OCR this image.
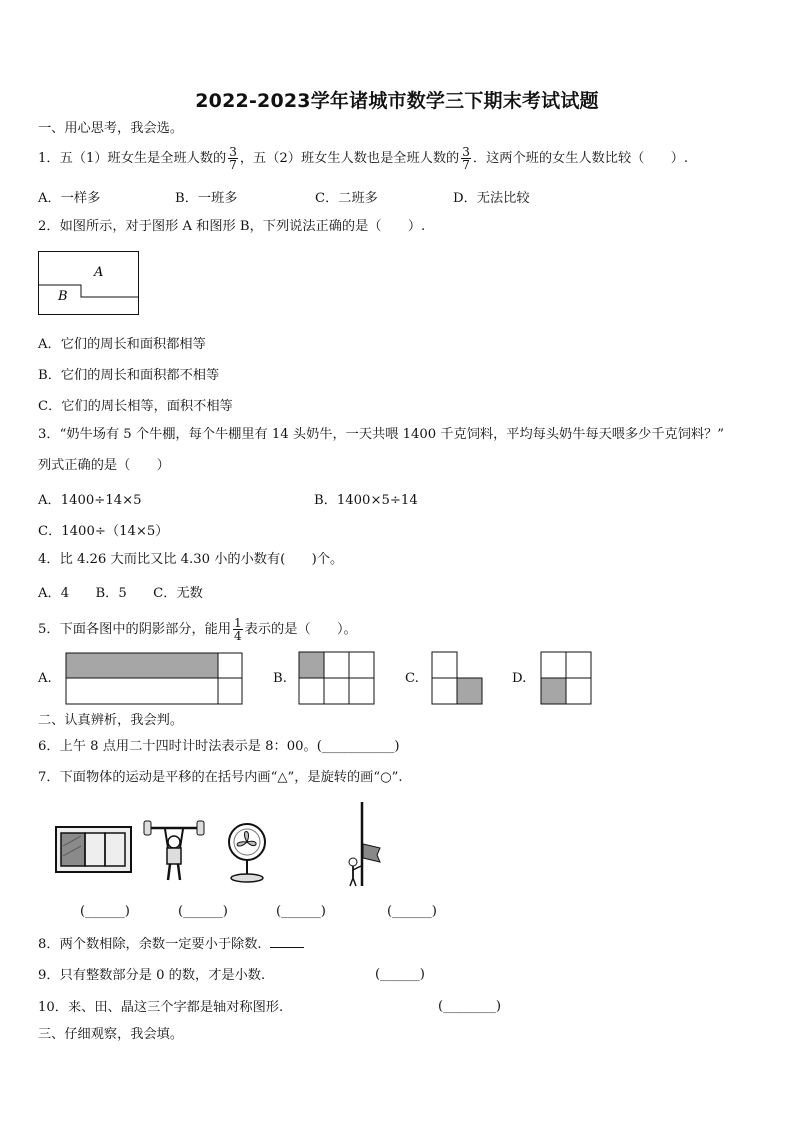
2022-2023学年诸城市数学三下期末考试试题
一、用心思考，我会选。
1．五（1）班女生是全班人数的 $\frac{3}{7}$ ，五（2）班女生人数也是全班人数的 $\frac{3}{7}$ ．这两个班的女生人数比较（　　）.
A．一样多	B．一班多	C．二班多	D．无法比较
2．如图所示，对于图形 A 和图形 B，下列说法正确的是（　　）.
A
B
A．它们的周长和面积都相等
B．它们的周长和面积都不相等
C．它们的周长相等，面积不相等
3．“奶牛场有 5 个牛棚，每个牛棚里有 14 头奶牛，一天共喂 1400 千克饲料，平均每头奶牛每天喂多少千克饲料？”
列式正确的是（　　）
A．1400÷14×5	B．1400×5÷14
C．1400÷（14×5）
4．比 4.26 大而比又比 4.30 小的小数有(　　)个。
A．4　　B．5　　C．无数
5．下面各图中的阴影部分，能用 $\frac{1}{4}$ 表示的是（　　）。
A.	B.	C.	D.
二、认真辨析，我会判。
6．上午 8 点用二十四时计时法表示是 8：00。(___________)
7．下面物体的运动是平移的在括号内画“△”，是旋转的画“○”.
(______)	(______)	(______)	(______)
8．两个数相除，余数一定要小于除数.
9．只有整数部分是 0 的数，才是小数.	(______)
10．来、田、晶这三个字都是轴对称图形.	(________)
三、仔细观察，我会填。
